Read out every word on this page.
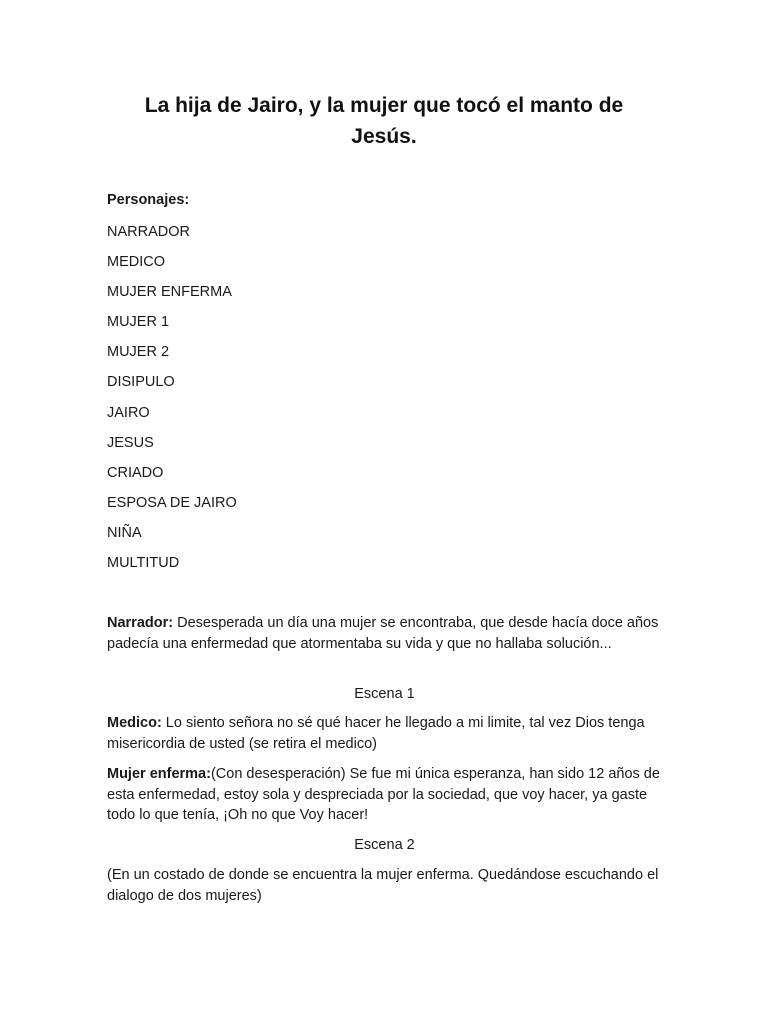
La hija de Jairo, y la mujer que tocó el manto de Jesús.

Personajes:

NARRADOR
MEDICO
MUJER ENFERMA
MUJER 1
MUJER 2
DISIPULO
JAIRO
JESUS
CRIADO
ESPOSA DE JAIRO
NIÑA
MULTITUD

Narrador: Desesperada un día una mujer se encontraba, que desde hacía doce años padecía una enfermedad que atormentaba su vida y que no hallaba solución...

Escena 1

Medico: Lo siento señora no sé qué hacer he llegado a mi limite, tal vez Dios tenga misericordia de usted (se retira el medico)

Mujer enferma:(Con desesperación) Se fue mi única esperanza, han sido 12 años de esta enfermedad, estoy sola y despreciada por la sociedad, que voy hacer, ya gaste todo lo que tenía, ¡Oh no que Voy hacer!

Escena 2

(En un costado de donde se encuentra la mujer enferma. Quedándose escuchando el dialogo de dos mujeres)
